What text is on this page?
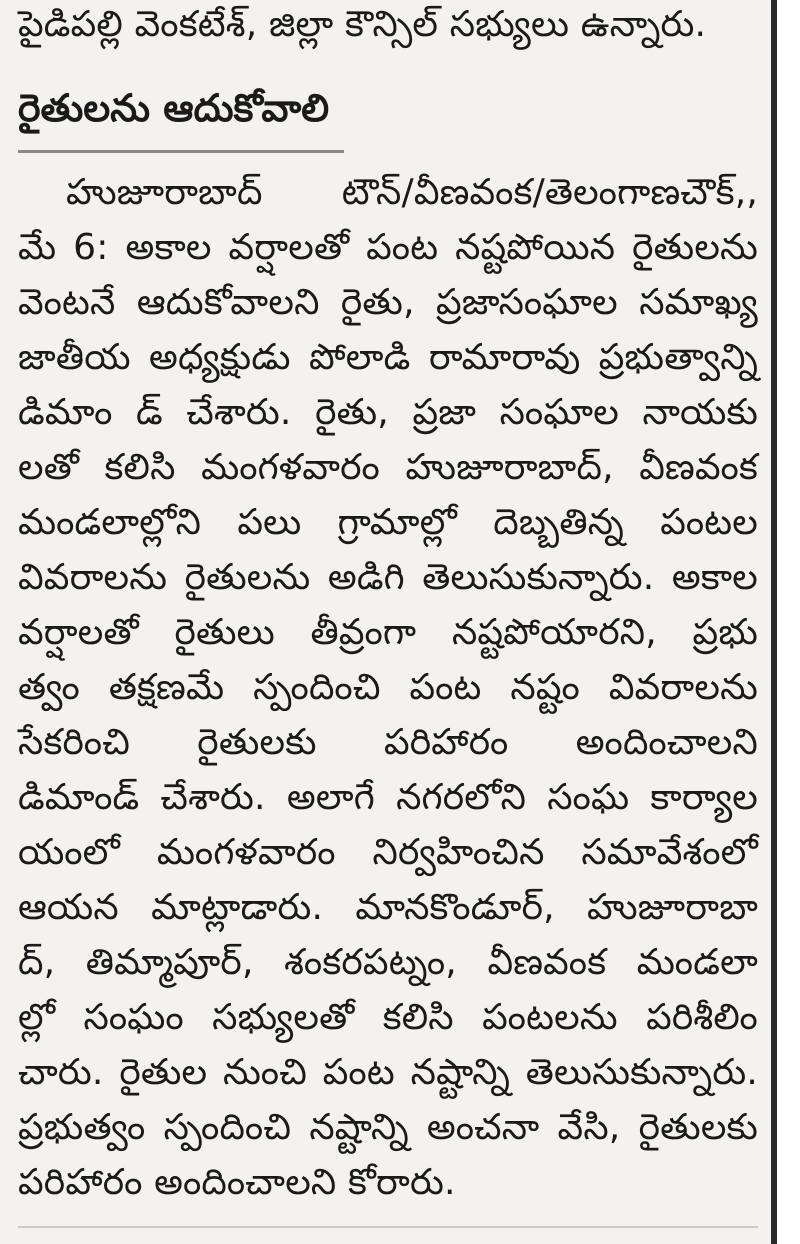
పైడిపల్లి వెంకటేశ్, జిల్లా కౌన్సిల్ సభ్యులు ఉన్నారు.
రైతులను ఆదుకోవాలి
హుజూరాబాద్ టౌన్/వీణవంక/తెలంగాణచౌక్,,
మే 6: అకాల వర్షాలతో పంట నష్టపోయిన రైతులను
వెంటనే ఆదుకోవాలని రైతు, ప్రజాసంఘాల సమాఖ్య
జాతీయ అధ్యక్షుడు పోలాడి రామారావు ప్రభుత్వాన్ని
డిమాం డ్ చేశారు. రైతు, ప్రజా సంఘాల నాయకు
లతో కలిసి మంగళవారం హుజూరాబాద్, వీణవంక
మండలాల్లోని పలు గ్రామాల్లో దెబ్బతిన్న పంటల
వివరాలను రైతులను అడిగి తెలుసుకున్నారు. అకాల
వర్షాలతో రైతులు తీవ్రంగా నష్టపోయారని, ప్రభు
త్వం తక్షణమే స్పందించి పంట నష్టం వివరాలను
సేకరించి రైతులకు పరిహారం అందించాలని
డిమాండ్ చేశారు. అలాగే నగరలోని సంఘ కార్యాల
యంలో మంగళవారం నిర్వహించిన సమావేశంలో
ఆయన మాట్లాడారు. మానకొండూర్, హుజూరాబా
ద్, తిమ్మాపూర్, శంకరపట్నం, వీణవంక మండలా
ల్లో సంఘం సభ్యులతో కలిసి పంటలను పరిశీలిం
చారు. రైతుల నుంచి పంట నష్టాన్ని తెలుసుకున్నారు.
ప్రభుత్వం స్పందించి నష్టాన్ని అంచనా వేసి, రైతులకు
పరిహారం అందించాలని కోరారు.
